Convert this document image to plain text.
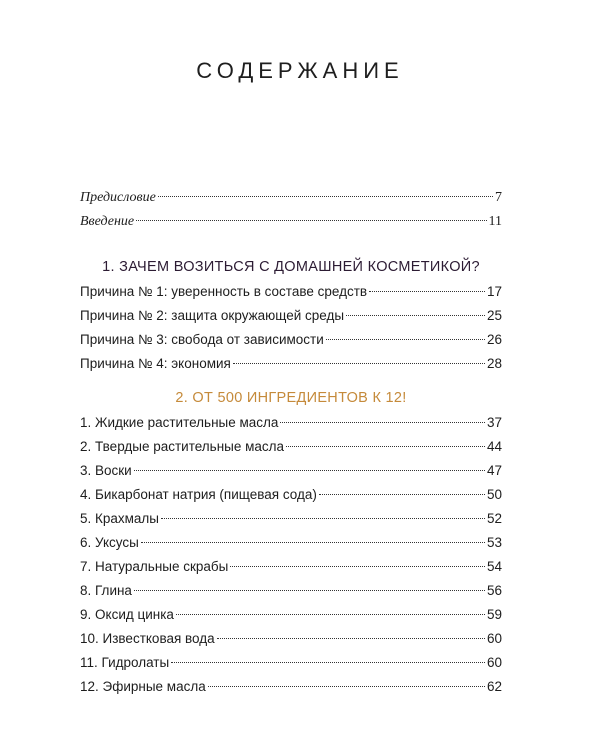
СОДЕРЖАНИЕ
Предисловие	7
Введение	11
1. ЗАЧЕМ ВОЗИТЬСЯ С ДОМАШНЕЙ КОСМЕТИКОЙ?
Причина № 1: уверенность в составе средств	17
Причина № 2: защита окружающей среды	25
Причина № 3: свобода от зависимости	26
Причина № 4: экономия	28
2. ОТ 500 ИНГРЕДИЕНТОВ К 12!
1. Жидкие растительные масла	37
2. Твердые растительные масла	44
3. Воски	47
4. Бикарбонат натрия (пищевая сода)	50
5. Крахмалы	52
6. Уксусы	53
7. Натуральные скрабы	54
8. Глина	56
9. Оксид цинка	59
10. Известковая вода	60
11. Гидролаты	60
12. Эфирные масла	62
